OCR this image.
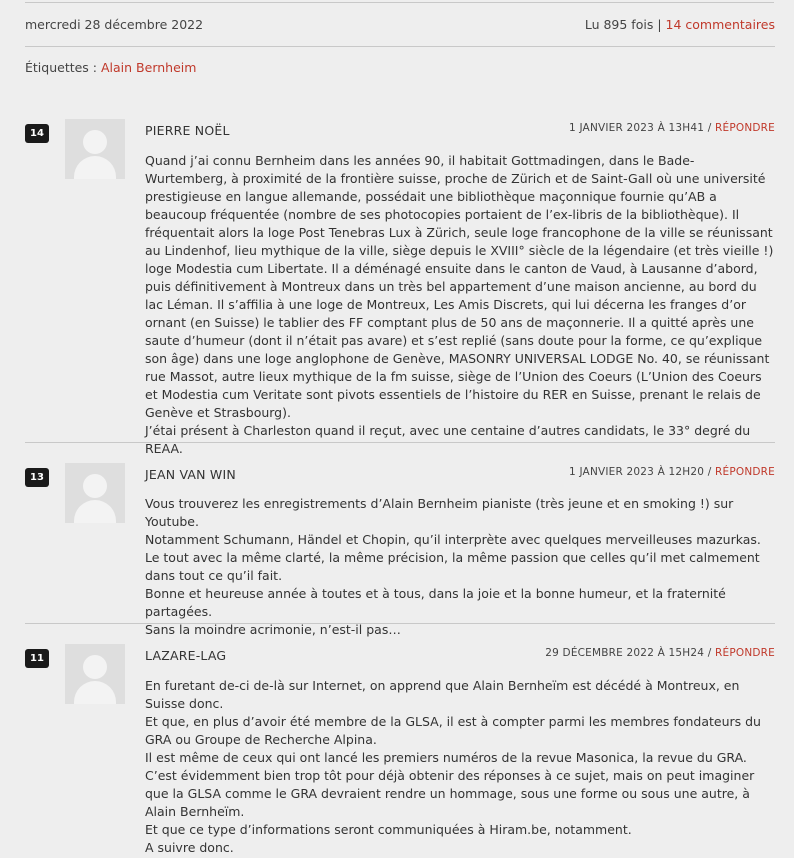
mercredi 28 décembre 2022	Lu 895 fois | 14 commentaires
Étiquettes : Alain Bernheim
14	PIERRE NOËL	1 JANVIER 2023 À 13H41 / RÉPONDRE

Quand j’ai connu Bernheim dans les années 90, il habitait Gottmadingen, dans le Bade-Wurtemberg, à proximité de la frontière suisse, proche de Zürich et de Saint-Gall où une université prestigieuse en langue allemande, possédait une bibliothèque maçonnique fournie qu’AB a beaucoup fréquentée (nombre de ses photocopies portaient de l’ex-libris de la bibliothèque). Il fréquentait alors la loge Post Tenebras Lux à Zürich, seule loge francophone de la ville se réunissant au Lindenhof, lieu mythique de la ville, siège depuis le XVIII° siècle de la légendaire (et très vieille !) loge Modestia cum Libertate. Il a déménagé ensuite dans le canton de Vaud, à Lausanne d’abord, puis définitivement à Montreux dans un très bel appartement d’une maison ancienne, au bord du lac Léman. Il s’affilia à une loge de Montreux, Les Amis Discrets, qui lui décerna les franges d’or ornant (en Suisse) le tablier des FF comptant plus de 50 ans de maçonnerie. Il a quitté après une saute d’humeur (dont il n’était pas avare) et s’est replié (sans doute pour la forme, ce qu’explique son âge) dans une loge anglophone de Genève, MASONRY UNIVERSAL LODGE No. 40, se réunissant rue Massot, autre lieux mythique de la fm suisse, siège de l’Union des Coeurs (L’Union des Coeurs et Modestia cum Veritate sont pivots essentiels de l’histoire du RER en Suisse, prenant le relais de Genève et Strasbourg).

J’étai présent à Charleston quand il reçut, avec une centaine d’autres candidats, le 33° degré du REAA.

13	JEAN VAN WIN	1 JANVIER 2023 À 12H20 / RÉPONDRE

Vous trouverez les enregistrements d’Alain Bernheim pianiste (très jeune et en smoking !) sur Youtube.

Notamment Schumann, Händel et Chopin, qu’il interprète avec quelques merveilleuses mazurkas.

Le tout avec la même clarté, la même précision, la même passion que celles qu’il met calmement dans tout ce qu’il fait.

Bonne et heureuse année à toutes et à tous, dans la joie et la bonne humeur, et la fraternité partagées.

Sans la moindre acrimonie, n’est-il pas…

11	LAZARE-LAG	29 DÉCEMBRE 2022 À 15H24 / RÉPONDRE

En furetant de-ci de-là sur Internet, on apprend que Alain Bernheïm est décédé à Montreux, en Suisse donc.

Et que, en plus d’avoir été membre de la GLSA, il est à compter parmi les membres fondateurs du GRA ou Groupe de Recherche Alpina.

Il est même de ceux qui ont lancé les premiers numéros de la revue Masonica, la revue du GRA.

C’est évidemment bien trop tôt pour déjà obtenir des réponses à ce sujet, mais on peut imaginer que la GLSA comme le GRA devraient rendre un hommage, sous une forme ou sous une autre, à Alain Bernheïm.

Et que ce type d’informations seront communiquées à Hiram.be, notamment.

A suivre donc.
